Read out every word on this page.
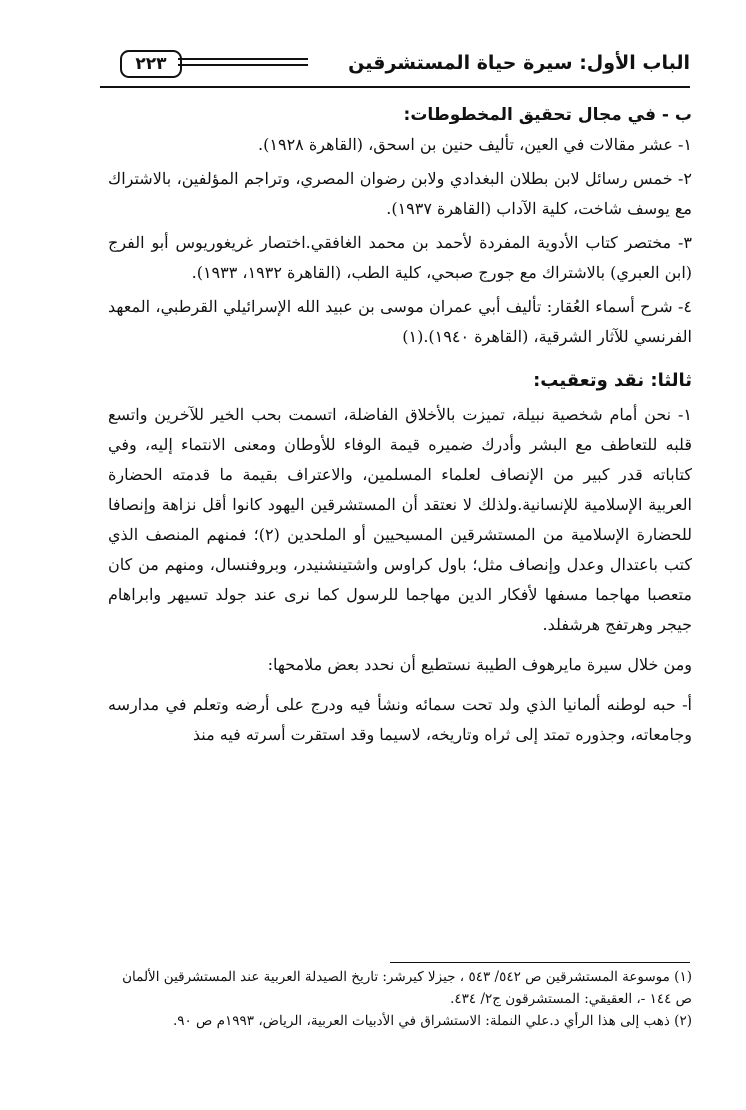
الباب الأول: سيرة حياة المستشرقين
٢٢٣

ب - في مجال تحقيق المخطوطات:

١- عشر مقالات في العين، تأليف حنين بن اسحق، (القاهرة ١٩٢٨).

٢- خمس رسائل لابن بطلان البغدادي ولابن رضوان المصري، وتراجم المؤلفين، بالاشتراك مع يوسف شاخت، كلية الآداب (القاهرة ١٩٣٧).

٣- مختصر كتاب الأدوية المفردة لأحمد بن محمد الغافقي.اختصار غريغوريوس أبو الفرج (ابن العبري) بالاشتراك مع جورج صبحي، كلية الطب، (القاهرة ١٩٣٢، ١٩٣٣).

٤- شرح أسماء العُقار: تأليف أبي عمران موسى بن عبيد الله الإسرائيلي القرطبي، المعهد الفرنسي للآثار الشرقية، (القاهرة ١٩٤٠).(١)

ثالثا: نقد وتعقيب:

١- نحن أمام شخصية نبيلة، تميزت بالأخلاق الفاضلة، اتسمت بحب الخير للآخرين واتسع قلبه للتعاطف مع البشر وأدرك ضميره قيمة الوفاء للأوطان ومعنى الانتماء إليه، وفي كتاباته قدر كبير من الإنصاف لعلماء المسلمين، والاعتراف بقيمة ما قدمته الحضارة العربية الإسلامية للإنسانية.ولذلك لا نعتقد أن المستشرقين اليهود كانوا أقل نزاهة وإنصافا للحضارة الإسلامية من المستشرقين المسيحيين أو الملحدين (٢)؛ فمنهم المنصف الذي كتب باعتدال وعدل وإنصاف مثل؛ باول كراوس واشتينشنيدر، وبروفنسال، ومنهم من كان متعصبا مهاجما مسفها لأفكار الدين مهاجما للرسول كما نرى عند جولد تسيهر وابراهام جيجر وهرتفج هرشفلد.

ومن خلال سيرة مايرهوف الطيبة نستطيع أن نحدد بعض ملامحها:

أ- حبه لوطنه ألمانيا الذي ولد تحت سمائه ونشأ فيه ودرج على أرضه وتعلم في مدارسه وجامعاته، وجذوره تمتد إلى ثراه وتاريخه، لاسيما وقد استقرت أسرته فيه منذ

(١) موسوعة المستشرقين ص ٥٤٢/ ٥٤٣ ، جيزلا كيرشر: تاريخ الصيدلة العربية عند المستشرقين الألمان ص ١٤٤ -، العقيقي: المستشرقون ج٢/ ٤٣٤.

(٢) ذهب إلى هذا الرأي د.علي النملة: الاستشراق في الأدبيات العربية، الرياض، ١٩٩٣م ص ٩٠.
